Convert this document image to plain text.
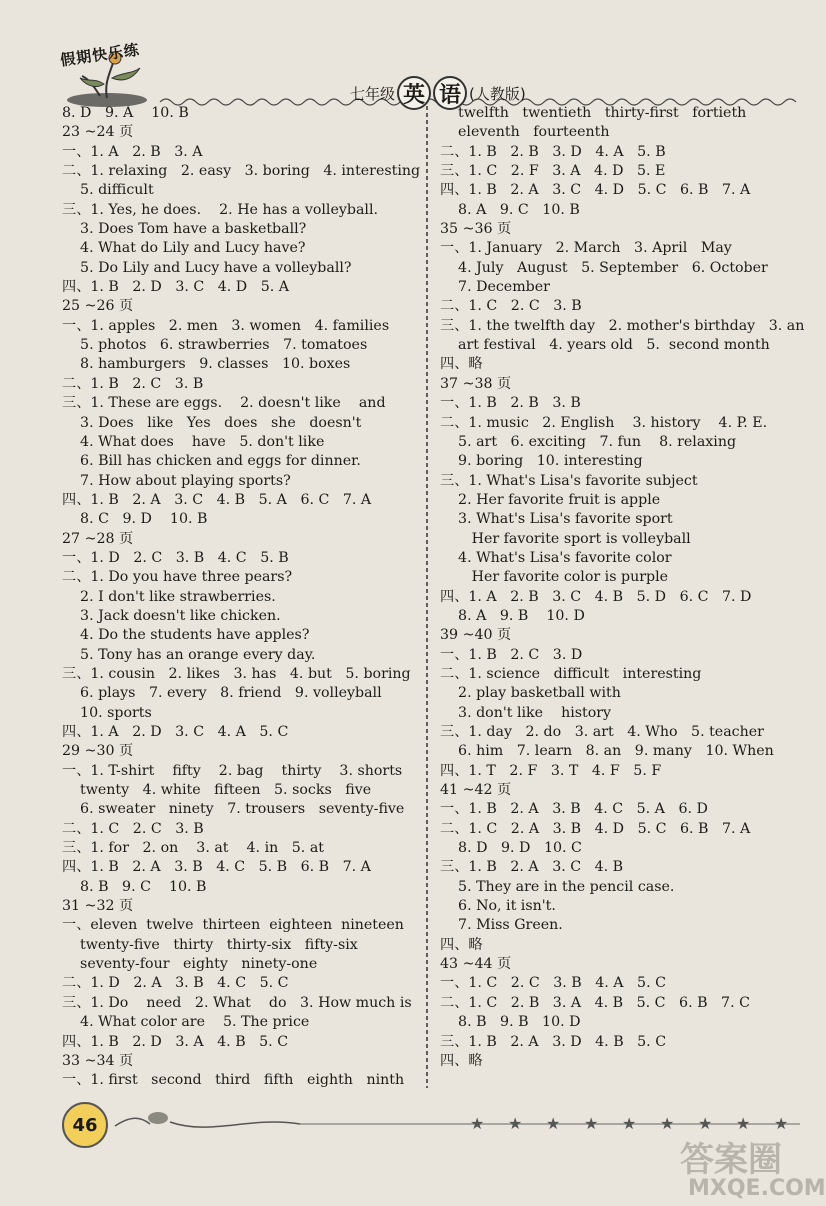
假期快乐练
七年级 英 语 (人教版)
8. D   9. A    10. B
23 ~24 页
一、1. A   2. B   3. A
二、1. relaxing   2. easy   3. boring   4. interesting
5. difficult
三、1. Yes, he does.    2. He has a volleyball.
3. Does Tom have a basketball?
4. What do Lily and Lucy have?
5. Do Lily and Lucy have a volleyball?
四、1. B   2. D   3. C   4. D   5. A
25 ~26 页
一、1. apples   2. men   3. women   4. families
5. photos   6. strawberries   7. tomatoes
8. hamburgers   9. classes   10. boxes
二、1. B   2. C   3. B
三、1. These are eggs.    2. doesn't like    and
3. Does   like   Yes   does   she   doesn't
4. What does    have   5. don't like
6. Bill has chicken and eggs for dinner.
7. How about playing sports?
四、1. B   2. A   3. C   4. B   5. A   6. C   7. A
8. C   9. D    10. B
27 ~28 页
一、1. D   2. C   3. B   4. C   5. B
二、1. Do you have three pears?
2. I don't like strawberries.
3. Jack doesn't like chicken.
4. Do the students have apples?
5. Tony has an orange every day.
三、1. cousin   2. likes   3. has   4. but   5. boring
6. plays   7. every   8. friend   9. volleyball
10. sports
四、1. A   2. D   3. C   4. A   5. C
29 ~30 页
一、1. T-shirt    fifty    2. bag    thirty    3. shorts
twenty   4. white   fifteen   5. socks   five
6. sweater   ninety   7. trousers   seventy-five
二、1. C   2. C   3. B
三、1. for   2. on    3. at    4. in   5. at
四、1. B   2. A   3. B   4. C   5. B   6. B   7. A
8. B   9. C    10. B
31 ~32 页
一、eleven  twelve  thirteen  eighteen  nineteen
twenty-five   thirty   thirty-six   fifty-six
seventy-four   eighty   ninety-one
二、1. D   2. A   3. B   4. C   5. C
三、1. Do    need   2. What    do   3. How much is
4. What color are    5. The price
四、1. B   2. D   3. A   4. B   5. C
33 ~34 页
一、1. first   second   third   fifth   eighth   ninth
twelfth   twentieth   thirty-first   fortieth
eleventh   fourteenth
二、1. B   2. B   3. D   4. A   5. B
三、1. C   2. F   3. A   4. D   5. E
四、1. B   2. A   3. C   4. D   5. C   6. B   7. A
8. A   9. C   10. B
35 ~36 页
一、1. January   2. March   3. April   May
4. July   August   5. September   6. October
7. December
二、1. C   2. C   3. B
三、1. the twelfth day   2. mother's birthday   3. an
art festival   4. years old   5.  second month
四、略
37 ~38 页
一、1. B   2. B   3. B
二、1. music   2. English    3. history    4. P. E.
5. art   6. exciting   7. fun    8. relaxing
9. boring   10. interesting
三、1. What's Lisa's favorite subject
2. Her favorite fruit is apple
3. What's Lisa's favorite sport
Her favorite sport is volleyball
4. What's Lisa's favorite color
Her favorite color is purple
四、1. A   2. B   3. C   4. B   5. D   6. C   7. D
8. A   9. B    10. D
39 ~40 页
一、1. B   2. C   3. D
二、1. science   difficult   interesting
2. play basketball with
3. don't like    history
三、1. day   2. do   3. art   4. Who   5. teacher
6. him   7. learn   8. an   9. many   10. When
四、1. T   2. F   3. T   4. F   5. F
41 ~42 页
一、1. B   2. A   3. B   4. C   5. A   6. D
二、1. C   2. A   3. B   4. D   5. C   6. B   7. A
8. D   9. D   10. C
三、1. B   2. A   3. C   4. B
5. They are in the pencil case.
6. No, it isn't.
7. Miss Green.
四、略
43 ~44 页
一、1. C   2. C   3. B   4. A   5. C
二、1. C   2. B   3. A   4. B   5. C   6. B   7. C
8. B   9. B   10. D
三、1. B   2. A   3. D   4. B   5. C
四、略
46	★ ★ ★ ★ ★ ★ ★ ★ ★
答案圈
MXQE.COM
